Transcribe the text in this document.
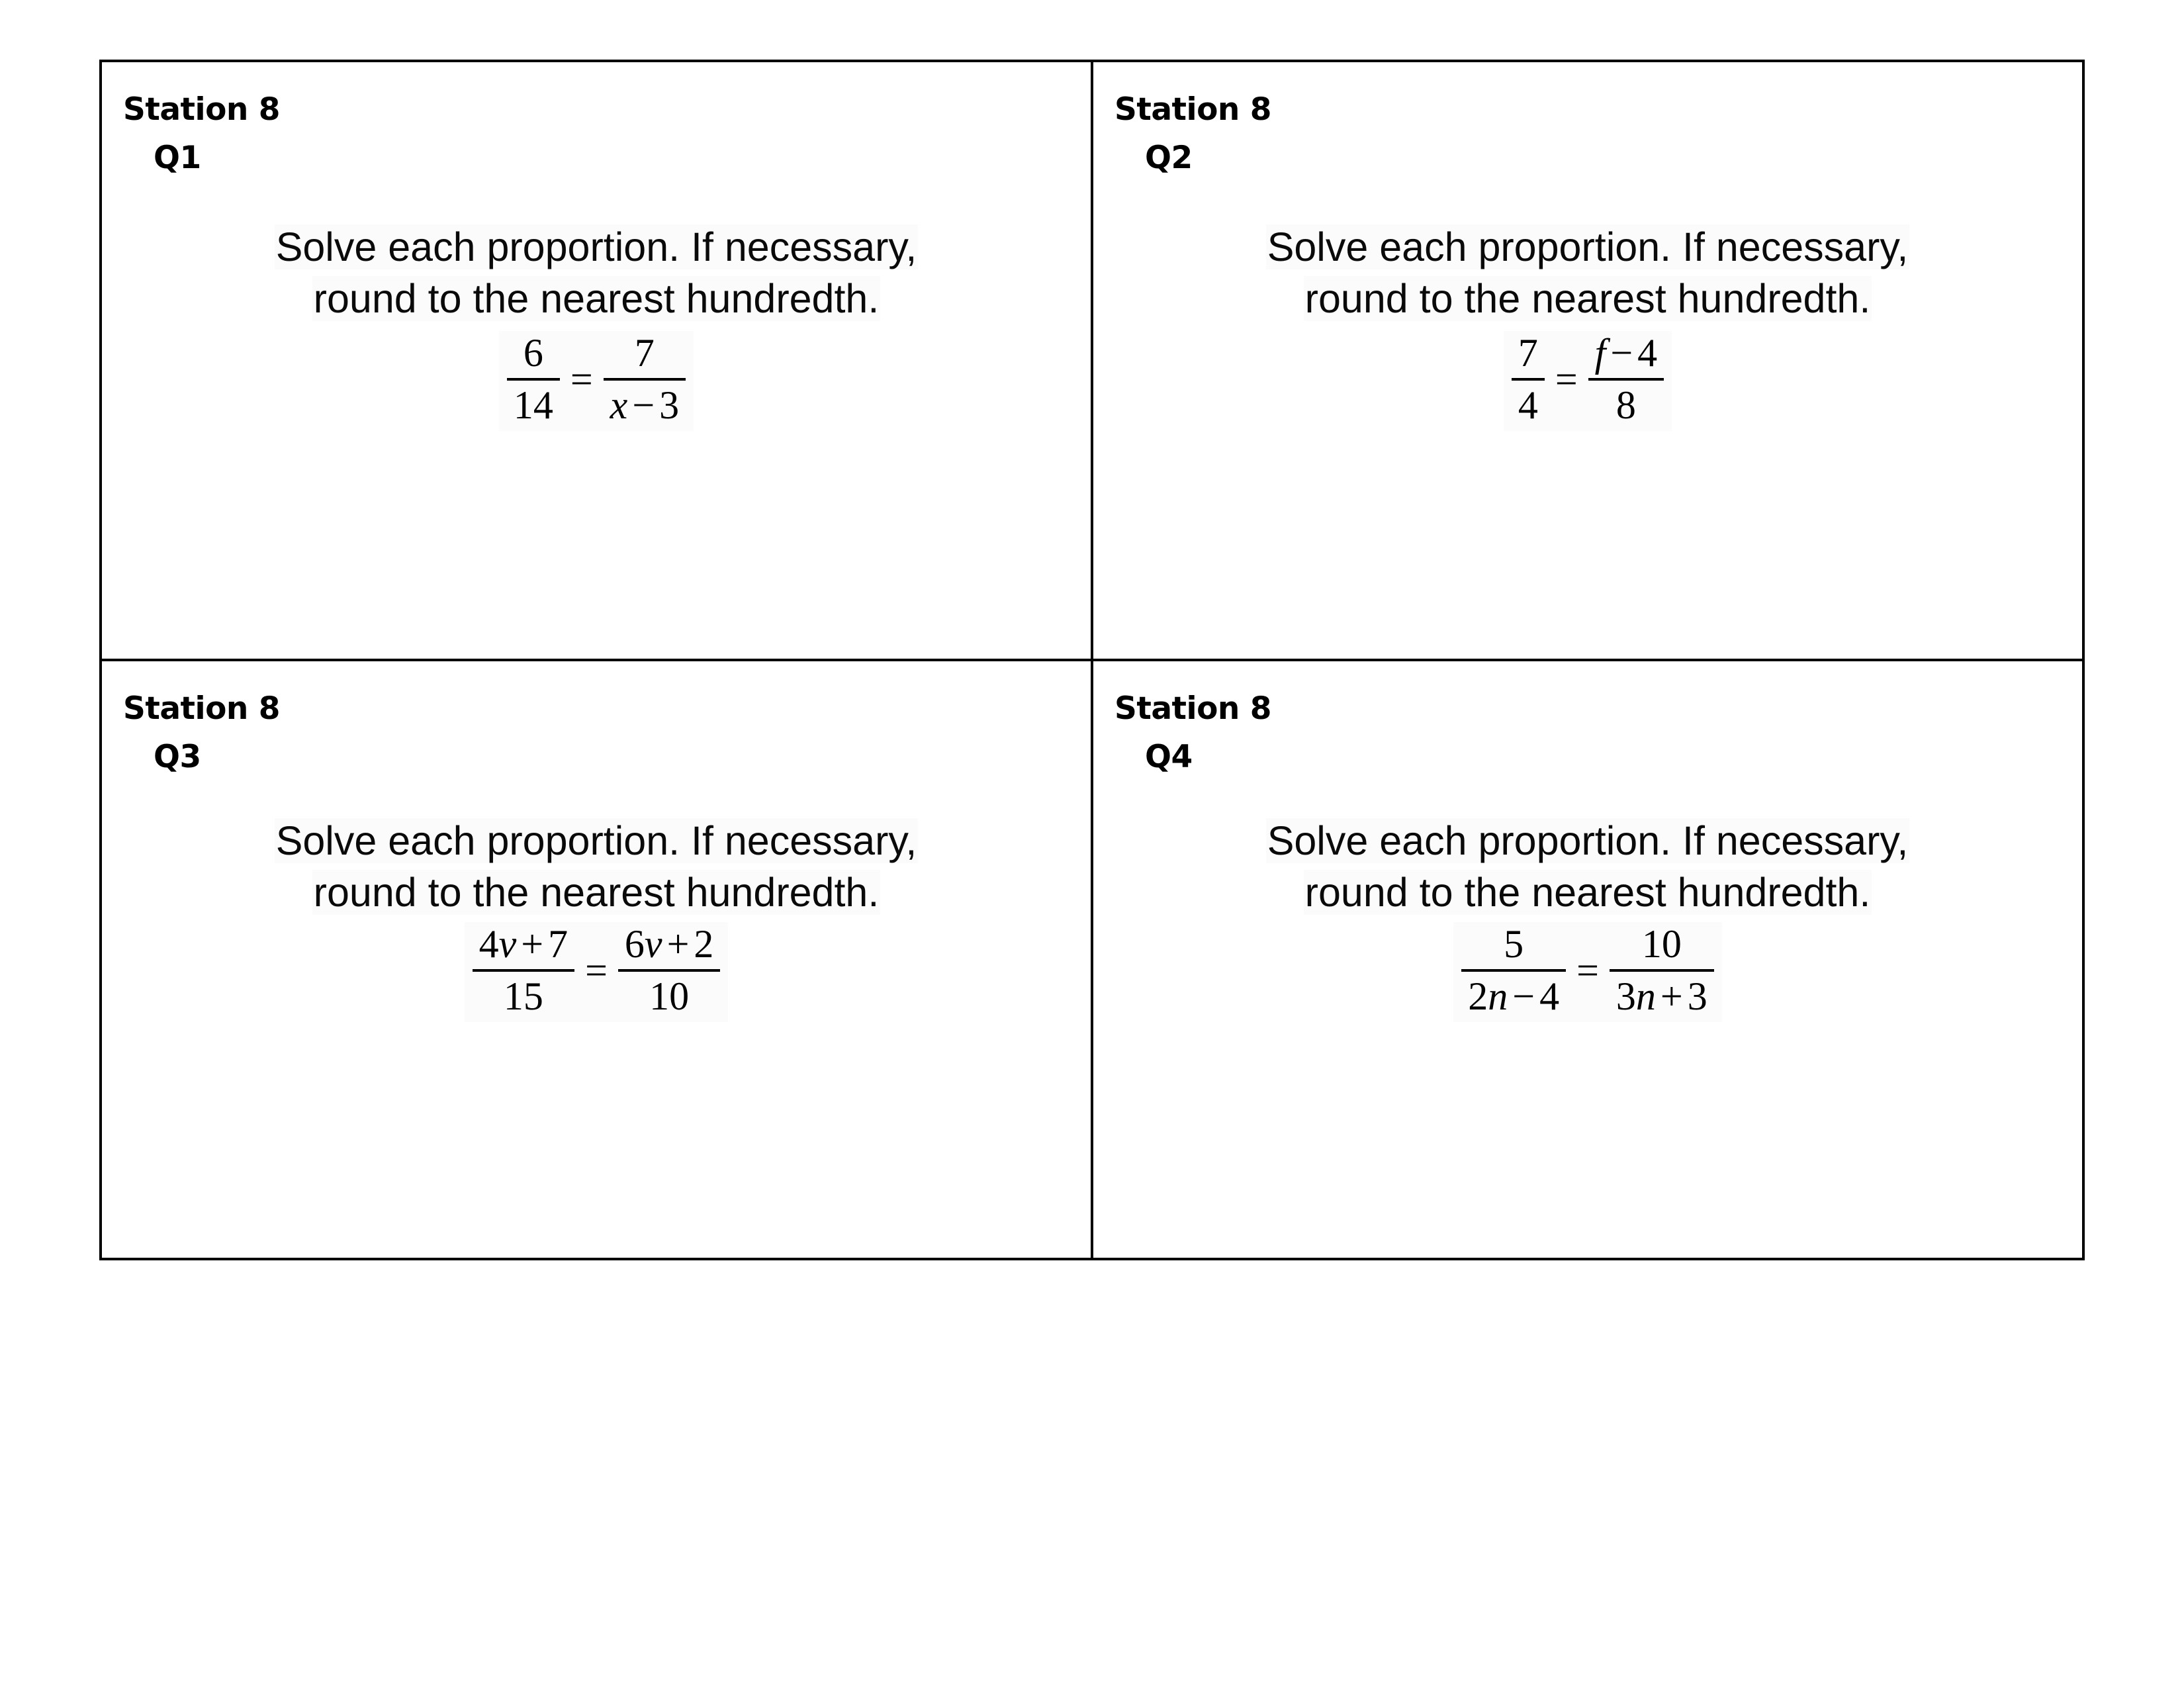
Station 8
Q1
Solve each proportion. If necessary,
round to the nearest hundredth.
$\frac{6}{14} = \frac{7}{x - 3}$

Station 8
Q2
Solve each proportion. If necessary,
round to the nearest hundredth.
$\frac{7}{4} = \frac{f - 4}{8}$

Station 8
Q3
Solve each proportion. If necessary,
round to the nearest hundredth.
$\frac{4v + 7}{15} = \frac{6v + 2}{10}$

Station 8
Q4
Solve each proportion. If necessary,
round to the nearest hundredth.
$\frac{5}{2n - 4} = \frac{10}{3n + 3}$
